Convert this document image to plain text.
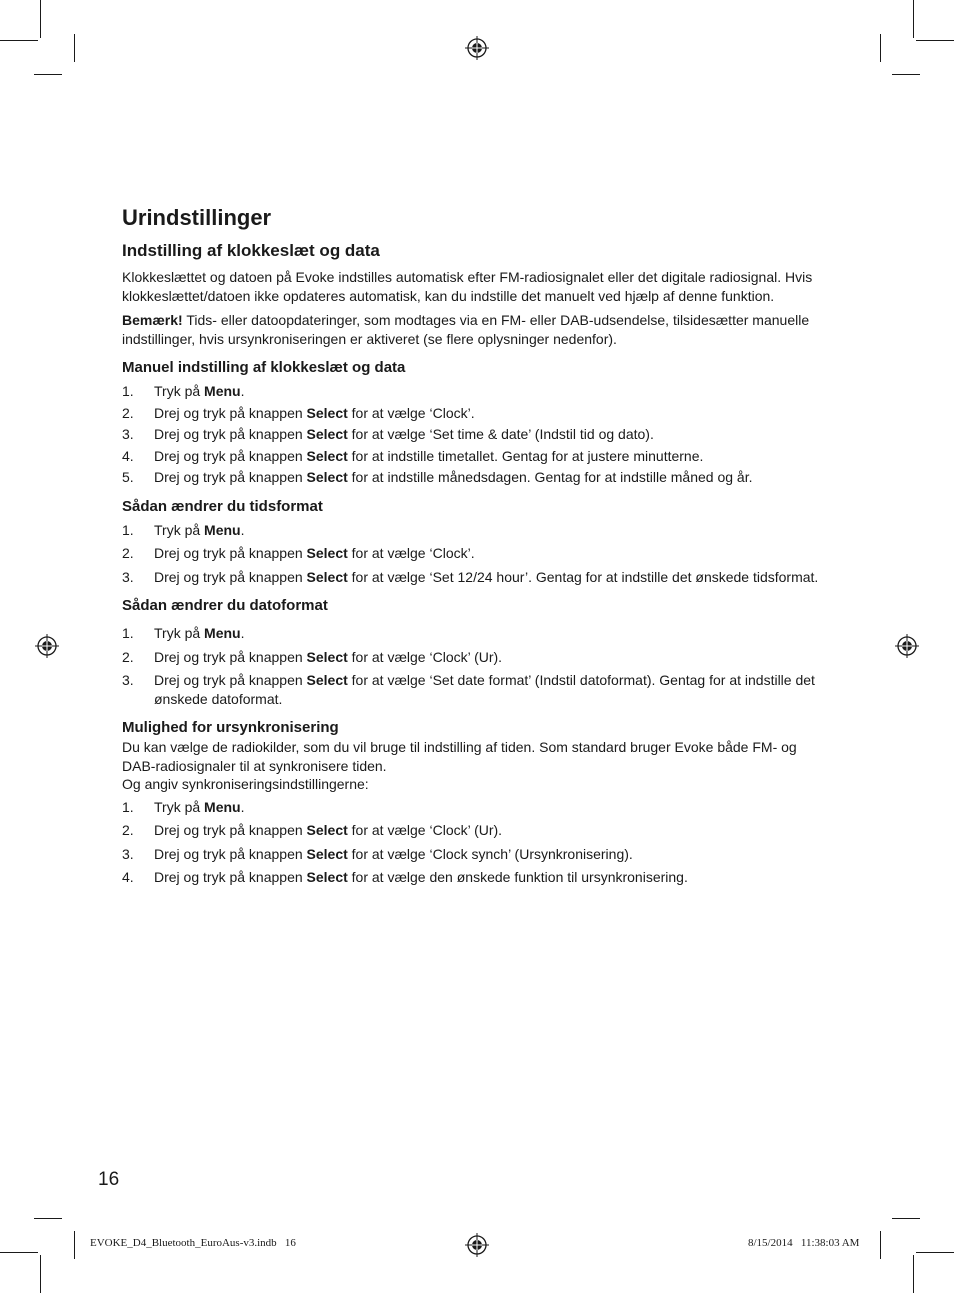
Urindstillinger
Indstilling af klokkeslæt og data

Klokkeslættet og datoen på Evoke indstilles automatisk efter FM-radiosignalet eller det digitale radiosignal. Hvis klokkeslættet/datoen ikke opdateres automatisk, kan du indstille det manuelt ved hjælp af denne funktion.

Bemærk! Tids- eller datoopdateringer, som modtages via en FM- eller DAB-udsendelse, tilsidesætter manuelle indstillinger, hvis ursynkroniseringen er aktiveret (se flere oplysninger nedenfor).

Manuel indstilling af klokkeslæt og data
1. Tryk på Menu.
2. Drej og tryk på knappen Select for at vælge ‘Clock’.
3. Drej og tryk på knappen Select for at vælge ‘Set time & date’ (Indstil tid og dato).
4. Drej og tryk på knappen Select for at indstille timetallet. Gentag for at justere minutterne.
5. Drej og tryk på knappen Select for at indstille månedsdagen. Gentag for at indstille måned og år.
Sådan ændrer du tidsformat
1. Tryk på Menu.
2. Drej og tryk på knappen Select for at vælge ‘Clock’.
3. Drej og tryk på knappen Select for at vælge ‘Set 12/24 hour’. Gentag for at indstille det ønskede tidsformat.
Sådan ændrer du datoformat
1. Tryk på Menu.
2. Drej og tryk på knappen Select for at vælge ‘Clock’ (Ur).
3. Drej og tryk på knappen Select for at vælge ‘Set date format’ (Indstil datoformat). Gentag for at indstille det ønskede datoformat.
Mulighed for ursynkronisering

Du kan vælge de radiokilder, som du vil bruge til indstilling af tiden. Som standard bruger Evoke både FM- og DAB-radiosignaler til at synkronisere tiden.

Og angiv synkroniseringsindstillingerne:

1. Tryk på Menu.
2. Drej og tryk på knappen Select for at vælge ‘Clock’ (Ur).
3. Drej og tryk på knappen Select for at vælge ‘Clock synch’ (Ursynkronisering).
4. Drej og tryk på knappen Select for at vælge den ønskede funktion til ursynkronisering.
16
EVOKE_D4_Bluetooth_EuroAus-v3.indb   16	8/15/2014   11:38:03 AM
